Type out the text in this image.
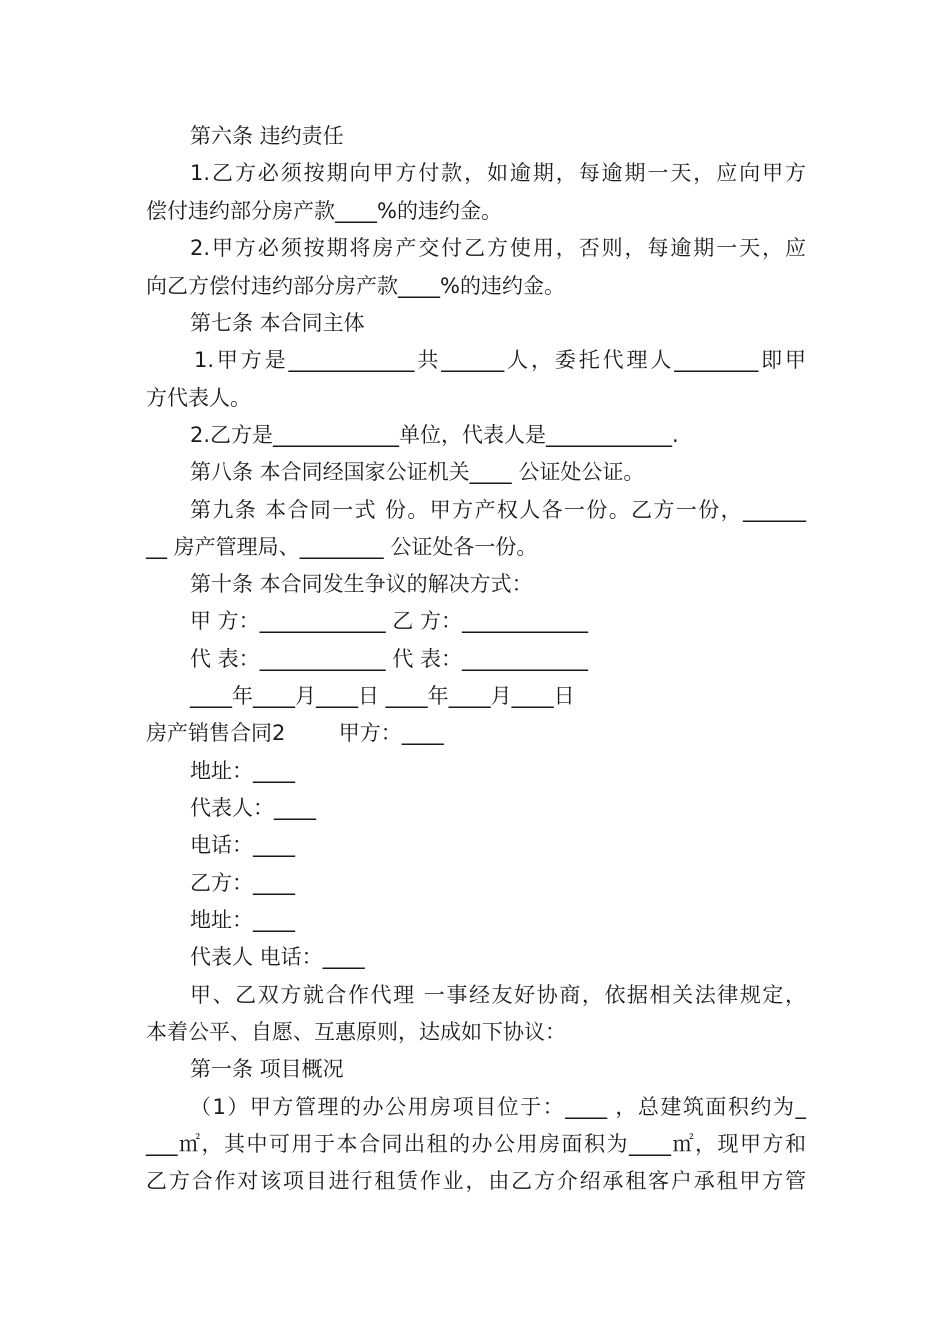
第六条 违约责任
1.乙方必须按期向甲方付款，如逾期，每逾期一天，应向甲方
偿付违约部分房产款____%的违约金。
2.甲方必须按期将房产交付乙方使用，否则，每逾期一天，应
向乙方偿付违约部分房产款____%的违约金。
第七条 本合同主体
1.甲方是____________共______人，委托代理人________即甲
方代表人。
2.乙方是____________单位，代表人是____________.
第八条 本合同经国家公证机关____ 公证处公证。
第九条 本合同一式 份。甲方产权人各一份。乙方一份，______
__ 房产管理局、________ 公证处各一份。
第十条 本合同发生争议的解决方式：
甲 方：____________ 乙 方：____________
代 表：____________ 代 表：____________
____年____月____日 ____年____月____日
房产销售合同2        甲方：____
地址：____
代表人：____
电话：____
乙方：____
地址：____
代表人 电话：____
甲、乙双方就合作代理 一事经友好协商，依据相关法律规定，
本着公平、自愿、互惠原则，达成如下协议：
第一条 项目概况
（1）甲方管理的办公用房项目位于：____ ，总建筑面积约为_
___㎡，其中可用于本合同出租的办公用房面积为____㎡，现甲方和
乙方合作对该项目进行租赁作业，由乙方介绍承租客户承租甲方管
